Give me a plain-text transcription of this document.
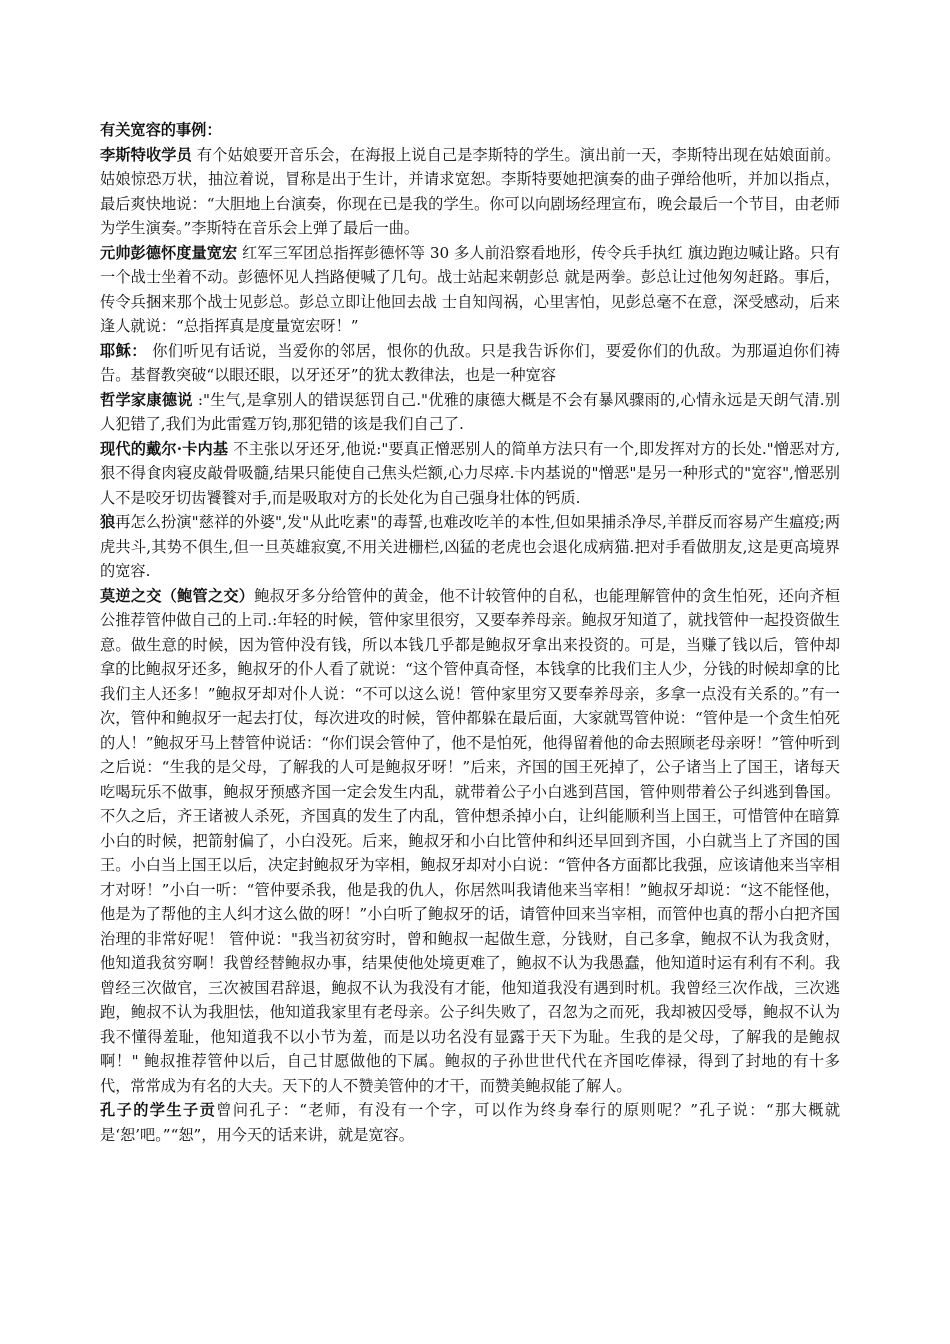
有关宽容的事例：

李斯特收学员 有个姑娘要开音乐会，在海报上说自己是李斯特的学生。演出前一天，李斯特出现在姑娘面前。姑娘惊恐万状，抽泣着说，冒称是出于生计，并请求宽恕。李斯特要她把演奏的曲子弹给他听，并加以指点，最后爽快地说：“大胆地上台演奏，你现在已是我的学生。你可以向剧场经理宣布，晚会最后一个节目，由老师为学生演奏。”李斯特在音乐会上弹了最后一曲。

元帅彭德怀度量宽宏 红军三军团总指挥彭德怀等 30 多人前沿察看地形，传令兵手执红 旗边跑边喊让路。只有一个战士坐着不动。彭德怀见人挡路便喊了几句。战士站起来朝彭总 就是两拳。彭总让过他匆匆赶路。事后，传令兵捆来那个战士见彭总。彭总立即让他回去战 士自知闯祸，心里害怕，见彭总毫不在意，深受感动，后来逢人就说：“总指挥真是度量宽宏呀！”

耶稣： 你们听见有话说，当爱你的邻居，恨你的仇敌。只是我告诉你们，要爱你们的仇敌。为那逼迫你们祷告。基督教突破“以眼还眼，以牙还牙”的犹太教律法，也是一种宽容

哲学家康德说 :"生气,是拿别人的错误惩罚自己."优雅的康德大概是不会有暴风骤雨的,心情永远是天朗气清.别人犯错了,我们为此雷霆万钧,那犯错的该是我们自己了.

现代的戴尔·卡内基 不主张以牙还牙,他说:"要真正憎恶别人的简单方法只有一个,即发挥对方的长处."憎恶对方,狠不得食肉寝皮敲骨吸髓,结果只能使自己焦头烂额,心力尽瘁.卡内基说的"憎恶"是另一种形式的"宽容",憎恶别人不是咬牙切齿饕餮对手,而是吸取对方的长处化为自己强身壮体的钙质.

狼再怎么扮演"慈祥的外婆",发"从此吃素"的毒誓,也难改吃羊的本性,但如果捕杀净尽,羊群反而容易产生瘟疫;两虎共斗,其势不俱生,但一旦英雄寂寞,不用关进栅栏,凶猛的老虎也会退化成病猫.把对手看做朋友,这是更高境界的宽容.

莫逆之交（鲍管之交）鲍叔牙多分给管仲的黄金，他不计较管仲的自私，也能理解管仲的贪生怕死，还向齐桓公推荐管仲做自己的上司.:年轻的时候，管仲家里很穷，又要奉养母亲。鲍叔牙知道了，就找管仲一起投资做生意。做生意的时候，因为管仲没有钱，所以本钱几乎都是鲍叔牙拿出来投资的。可是，当赚了钱以后，管仲却拿的比鲍叔牙还多，鲍叔牙的仆人看了就说：“这个管仲真奇怪，本钱拿的比我们主人少，分钱的时候却拿的比我们主人还多！”鲍叔牙却对仆人说：“不可以这么说！管仲家里穷又要奉养母亲，多拿一点没有关系的。”有一次，管仲和鲍叔牙一起去打仗，每次进攻的时候，管仲都躲在最后面，大家就骂管仲说：“管仲是一个贪生怕死的人！”鲍叔牙马上替管仲说话：“你们误会管仲了，他不是怕死，他得留着他的命去照顾老母亲呀！”管仲听到之后说：“生我的是父母，了解我的人可是鲍叔牙呀！”后来，齐国的国王死掉了，公子诸当上了国王，诸每天吃喝玩乐不做事，鲍叔牙预感齐国一定会发生内乱，就带着公子小白逃到莒国，管仲则带着公子纠逃到鲁国。 不久之后，齐王诸被人杀死，齐国真的发生了内乱，管仲想杀掉小白，让纠能顺利当上国王，可惜管仲在暗算小白的时候，把箭射偏了，小白没死。后来，鲍叔牙和小白比管仲和纠还早回到齐国，小白就当上了齐国的国王。小白当上国王以后，决定封鲍叔牙为宰相，鲍叔牙却对小白说：“管仲各方面都比我强，应该请他来当宰相才对呀！”小白一听：“管仲要杀我，他是我的仇人，你居然叫我请他来当宰相！”鲍叔牙却说：“这不能怪他，他是为了帮他的主人纠才这么做的呀！”小白听了鲍叔牙的话，请管仲回来当宰相，而管仲也真的帮小白把齐国治理的非常好呢！ 管仲说："我当初贫穷时，曾和鲍叔一起做生意，分钱财，自己多拿，鲍叔不认为我贪财，他知道我贫穷啊！我曾经替鲍叔办事，结果使他处境更难了，鲍叔不认为我愚蠢，他知道时运有利有不利。我曾经三次做官，三次被国君辞退，鲍叔不认为我没有才能，他知道我没有遇到时机。我曾经三次作战，三次逃跑，鲍叔不认为我胆怯，他知道我家里有老母亲。公子纠失败了，召忽为之而死，我却被囚受辱，鲍叔不认为我不懂得羞耻，他知道我不以小节为羞，而是以功名没有显露于天下为耻。生我的是父母，了解我的是鲍叔啊！" 鲍叔推荐管仲以后，自己甘愿做他的下属。鲍叔的子孙世世代代在齐国吃俸禄，得到了封地的有十多代，常常成为有名的大夫。天下的人不赞美管仲的才干，而赞美鲍叔能了解人。

孔子的学生子贡曾问孔子：“老师，有没有一个字，可以作为终身奉行的原则呢？”孔子说：“那大概就是‘恕’吧。”“恕”，用今天的话来讲，就是宽容。
